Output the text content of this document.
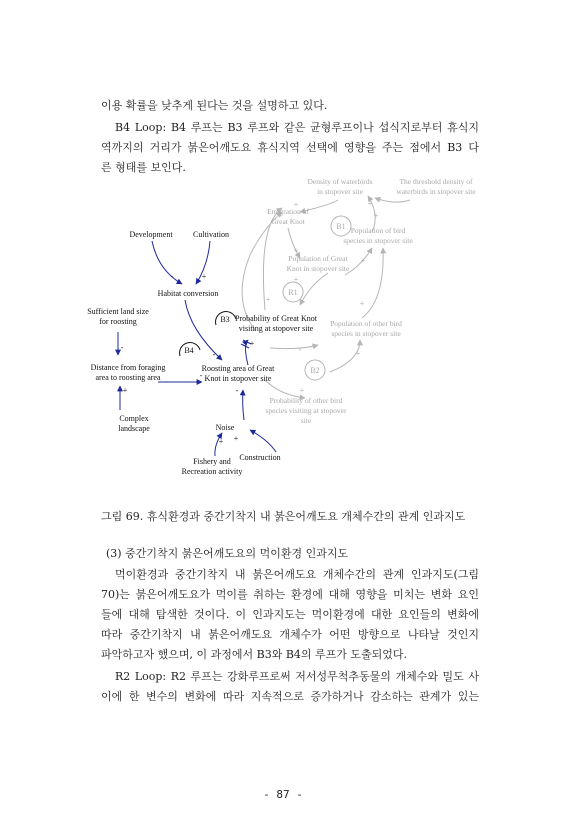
이용 확률을 낮추게 된다는 것을 설명하고 있다.

B4 Loop: B4 루프는 B3 루프와 같은 균형루프이나 섭식지로부터 휴식지

역까지의 거리가 붉은어깨도요 휴식지역 선택에 영향을 주는 점에서 B3 다

른 형태를 보인다.

Density of waterbirds
in stopover site
The threshold density of
waterbirds in stopover site
Emigration of
Great Knot
Population of bird
species in stopover site
Population of Great
Knot in stopover site
Population of other bird
species in stopover site
Probability of other bird
species visiting at stopover
site
B1
R1
B2
+	+
+
+
+
+
+
+
+
-
+
Development	Cultivation
Habitat conversion
Sufficient land size
for roosting
Distance from foraging
area to roosting area
Complex
landscape
Roosting area of Great
Knot in stopover site
Probability of Great Knot
visiting at stopover site
Noise
Fishery and
Recreation activity
Construction
B3
B4
-	+
-
-
-
+
+
-
+ +

그림 69. 휴식환경과 중간기착지 내 붉은어깨도요 개체수간의 관계 인과지도

(3) 중간기착지 붉은어깨도요의 먹이환경 인과지도

먹이환경과 중간기착지 내 붉은어깨도요 개체수간의 관계 인과지도(그림

70)는 붉은어깨도요가 먹이를 취하는 환경에 대해 영향을 미치는 변화 요인

들에 대해 탐색한 것이다. 이 인과지도는 먹이환경에 대한 요인들의 변화에

따라 중간기착지 내 붉은어깨도요 개체수가 어떤 방향으로 나타날 것인지

파악하고자 했으며, 이 과정에서 B3와 B4의 루프가 도출되었다.

R2 Loop: R2 루프는 강화루프로써 저서성무척추동물의 개체수와 밀도 사

이에 한 변수의 변화에 따라 지속적으로 증가하거나 감소하는 관계가 있는

- 87 -
